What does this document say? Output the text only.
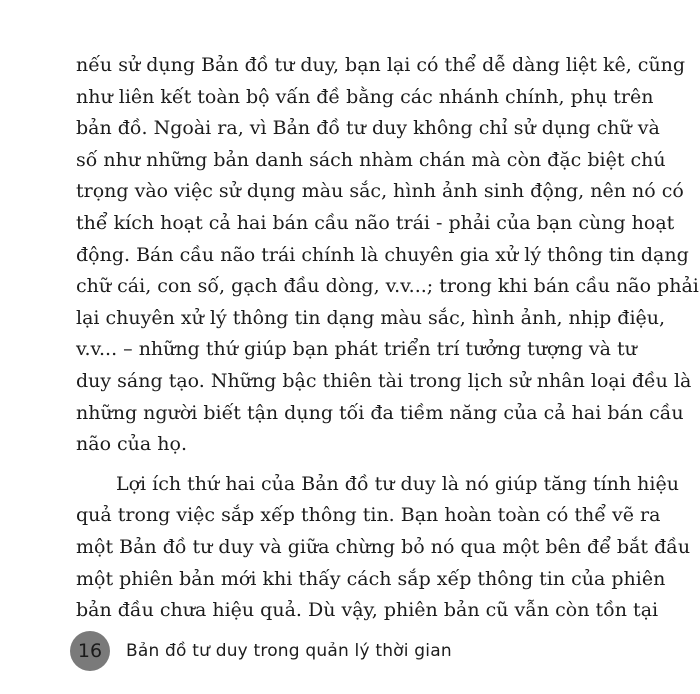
nếu sử dụng Bản đồ tư duy, bạn lại có thể dễ dàng liệt kê, cũng
như liên kết toàn bộ vấn đề bằng các nhánh chính, phụ trên
bản đồ. Ngoài ra, vì Bản đồ tư duy không chỉ sử dụng chữ và
số như những bản danh sách nhàm chán mà còn đặc biệt chú
trọng vào việc sử dụng màu sắc, hình ảnh sinh động, nên nó có
thể kích hoạt cả hai bán cầu não trái - phải của bạn cùng hoạt
động. Bán cầu não trái chính là chuyên gia xử lý thông tin dạng
chữ cái, con số, gạch đầu dòng, v.v...; trong khi bán cầu não phải
lại chuyên xử lý thông tin dạng màu sắc, hình ảnh, nhịp điệu,
v.v... – những thứ giúp bạn phát triển trí tưởng tượng và tư
duy sáng tạo. Những bậc thiên tài trong lịch sử nhân loại đều là
những người biết tận dụng tối đa tiềm năng của cả hai bán cầu
não của họ.
Lợi ích thứ hai của Bản đồ tư duy là nó giúp tăng tính hiệu
quả trong việc sắp xếp thông tin. Bạn hoàn toàn có thể vẽ ra
một Bản đồ tư duy và giữa chừng bỏ nó qua một bên để bắt đầu
một phiên bản mới khi thấy cách sắp xếp thông tin của phiên
bản đầu chưa hiệu quả. Dù vậy, phiên bản cũ vẫn còn tồn tại
16 Bản đồ tư duy trong quản lý thời gian
